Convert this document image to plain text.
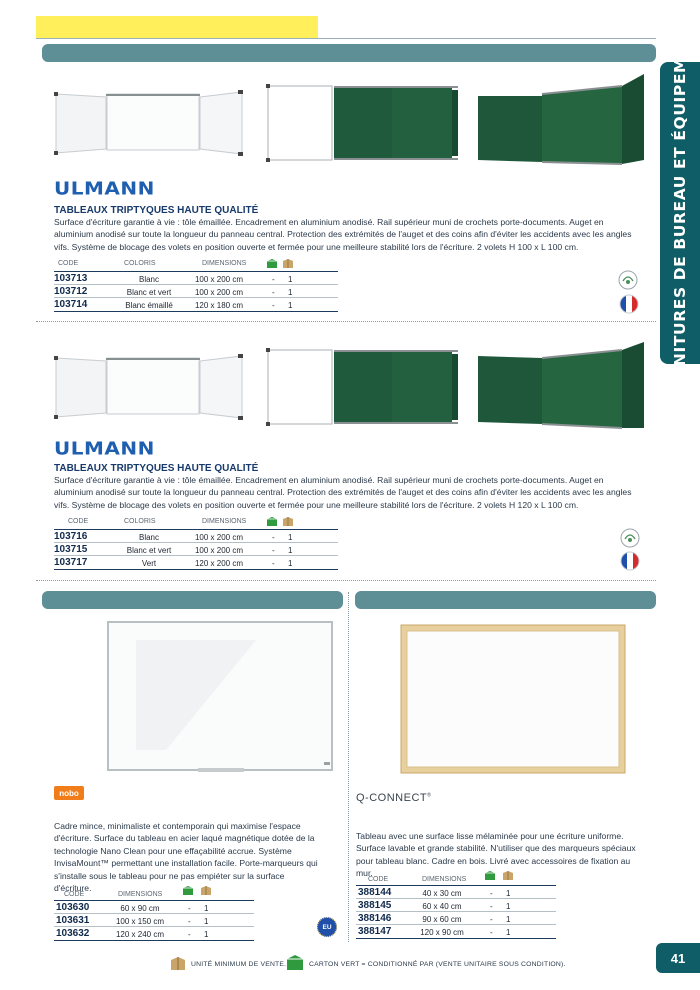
FOURNITURES DE BUREAU ET ÉQUIPEMENTS
ULMANN
TABLEAUX TRIPTYQUES HAUTE QUALITÉ
Surface d'écriture garantie à vie : tôle émaillée. Encadrement en aluminium anodisé. Rail supérieur muni de crochets porte-documents. Auget en aluminium anodisé sur toute la longueur du panneau central. Protection des extrémités de l'auget et des coins afin d'éviter les accidents avec les angles vifs. Système de blocage des volets en position ouverte et fermée pour une meilleure stabilité lors de l'écriture. 2 volets H 100 x L 100 cm.
CODE	COLORIS	DIMENSIONS
103713	Blanc	100 x 200 cm	- 1
103712	Blanc et vert	100 x 200 cm	- 1
103714	Blanc émaillé	120 x 180 cm	- 1
ULMANN
TABLEAUX TRIPTYQUES HAUTE QUALITÉ
Surface d'écriture garantie à vie : tôle émaillée. Encadrement en aluminium anodisé. Rail supérieur muni de crochets porte-documents. Auget en aluminium anodisé sur toute la longueur du panneau central. Protection des extrémités de l'auget et des coins afin d'éviter les accidents avec les angles vifs. Système de blocage des volets en position ouverte et fermée pour une meilleure stabilité lors de l'écriture. 2 volets H 120 x L 100 cm.
CODE	COLORIS	DIMENSIONS
103716	Blanc	100 x 200 cm	- 1
103715	Blanc et vert	100 x 200 cm	- 1
103717	Vert	120 x 200 cm	- 1
nobo
Cadre mince, minimaliste et contemporain qui maximise l'espace d'écriture. Surface du tableau en acier laqué magnétique dotée de la technologie Nano Clean pour une effaçabilité accrue. Système InvisaMount™ permettant une installation facile. Porte-marqueurs qui s'installe sous le tableau pour ne pas empiéter sur la surface d'écriture.
CODE	DIMENSIONS
103630	60 x 90 cm	- 1
103631	100 x 150 cm	- 1
103632	120 x 240 cm	- 1
EU
Q-CONNECT®
Tableau avec une surface lisse mélaminée pour une écriture uniforme. Surface lavable et grande stabilité. N'utiliser que des marqueurs spéciaux pour tableau blanc. Cadre en bois. Livré avec accessoires de fixation au mur.
CODE	DIMENSIONS
388144	40 x 30 cm	- 1
388145	60 x 40 cm	- 1
388146	90 x 60 cm	- 1
388147	120 x 90 cm	- 1
UNITÉ MINIMUM DE VENTE.	CARTON VERT = CONDITIONNÉ PAR (VENTE UNITAIRE SOUS CONDITION).	41
